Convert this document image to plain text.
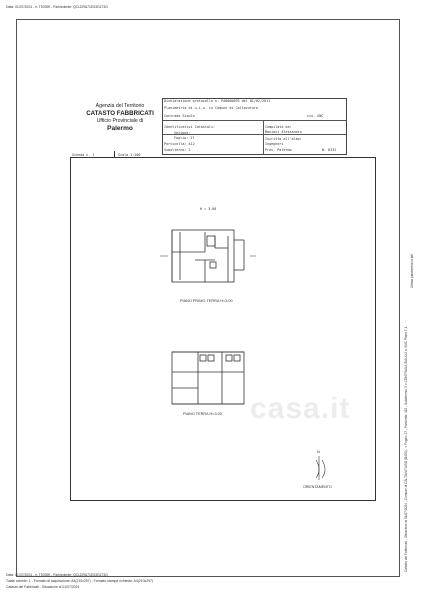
Data: 01/07/2024 - n. T90399 - Richiedente: QCLDRA71E03G273G
Agenzia del Territorio
CATASTO FABBRICATI
Ufficio Provinciale di
Palermo
Dichiarazione protocollo n. PA0000093 del 01/02/2011
Planimetria di u.i.u. in Comune di Caltavuturo
Contrada Siaulo	civ. SNC
Identificativi Catastali:
Sezione:
Foglio: 27
Particella: 412
Subalterno: 2
Compilata da:
Maniaci Alessandro
Iscritto all'albo:
Ingegneri
Prov. Palermo	N. 6332
Scheda n. 1	Scala 1:200
H = 3.00
PIANO PRIMO-TERRA H=3.00
PIANO TERRA H=3.00
N
ORIENTAMENTO
casa.it	Catasto dei Fabbricati - Situazione al 01/07/2024 - Comune di CALTAVUTURO (B430) - < Foglio: 27 - Particella: 412 - Subalterno: 2 > CONTRADA SIAULO n. SNC Piano T-1
Ultima planimetria in atti
Data: 01/07/2024 - n. T90399 - Richiedente: QCLDRA71E03G273G
Totale schede: 1 - Formato di acquisizione: A4(210x297) - Formato stampa richiesto: A4(210x297)
Catasto dei Fabbricati - Situazione al 01/07/2024
